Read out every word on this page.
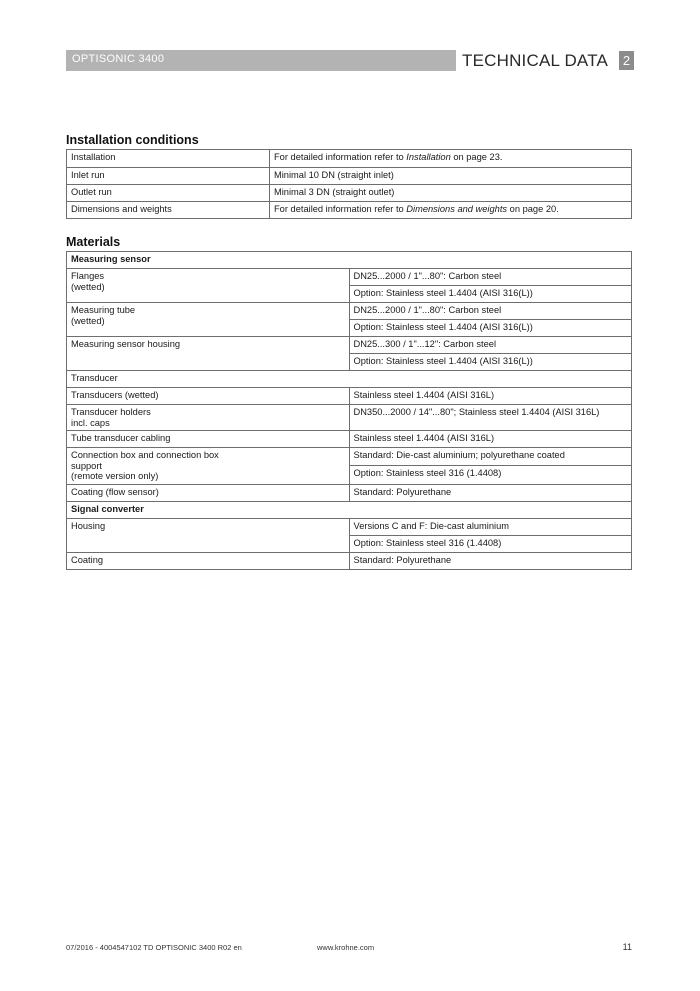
OPTISONIC 3400	TECHNICAL DATA 2
Installation conditions
Installation	For detailed information refer to Installation on page 23.
Inlet run	Minimal 10 DN (straight inlet)
Outlet run	Minimal 3 DN (straight outlet)
Dimensions and weights	For detailed information refer to Dimensions and weights on page 20.
Materials
Measuring sensor	

Flanges
(wetted)	DN25...2000 / 1"...80": Carbon steel
	Option: Stainless steel 1.4404 (AISI 316(L))

Measuring tube
(wetted)	DN25...2000 / 1"...80": Carbon steel
	Option: Stainless steel 1.4404 (AISI 316(L))
Measuring sensor housing	DN25...300 / 1"...12": Carbon steel
	Option: Stainless steel 1.4404 (AISI 316(L))
Transducer	
Transducers (wetted)	Stainless steel 1.4404 (AISI 316L)

Transducer holders
incl. caps	DN350...2000 / 14"...80"; Stainless steel 1.4404 (AISI 316L)
Tube transducer cabling	Stainless steel 1.4404 (AISI 316L)

Connection box and connection box
support
(remote version only)	Standard: Die-cast aluminium; polyurethane coated
	Option: Stainless steel 316 (1.4408)
Coating (flow sensor)	Standard: Polyurethane
Signal converter	
Housing	Versions C and F: Die-cast aluminium
	Option: Stainless steel 316 (1.4408)
Coating	Standard: Polyurethane
07/2016 - 4004547102 TD OPTISONIC 3400 R02 en	www.krohne.com	11
